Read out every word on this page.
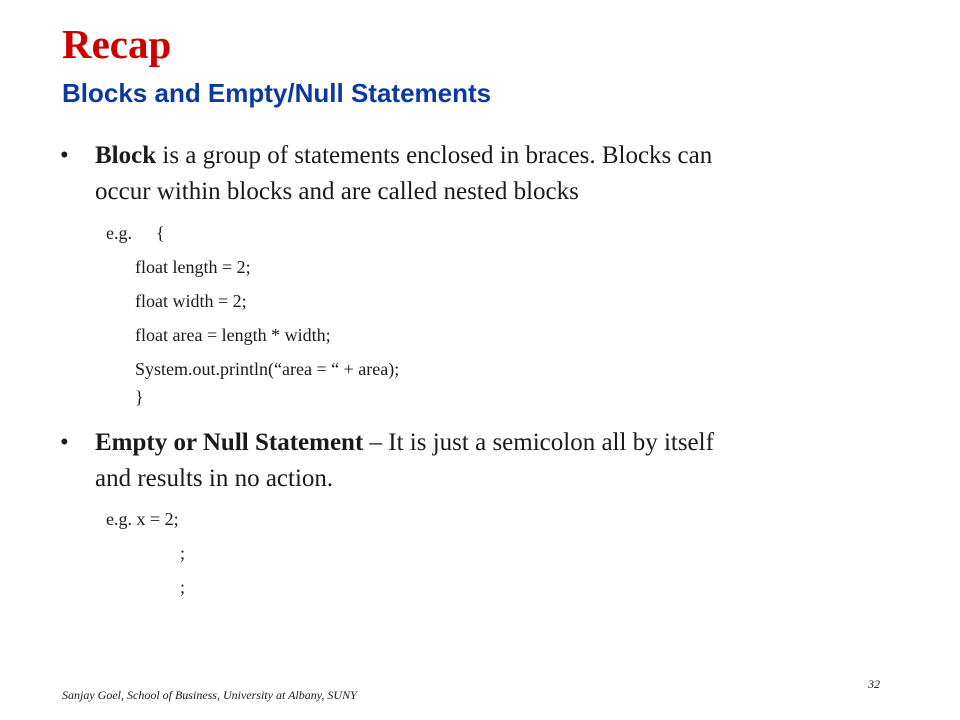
Recap
Blocks and Empty/Null Statements
• Block is a group of statements enclosed in braces. Blocks can
occur within blocks and are called nested blocks
e.g. {
float length = 2;
float width = 2;
float area = length * width;
System.out.println(“area = “ + area);
}
• Empty or Null Statement – It is just a semicolon all by itself
and results in no action.
e.g. x = 2;
;
;
32
Sanjay Goel, School of Business, University at Albany, SUNY
